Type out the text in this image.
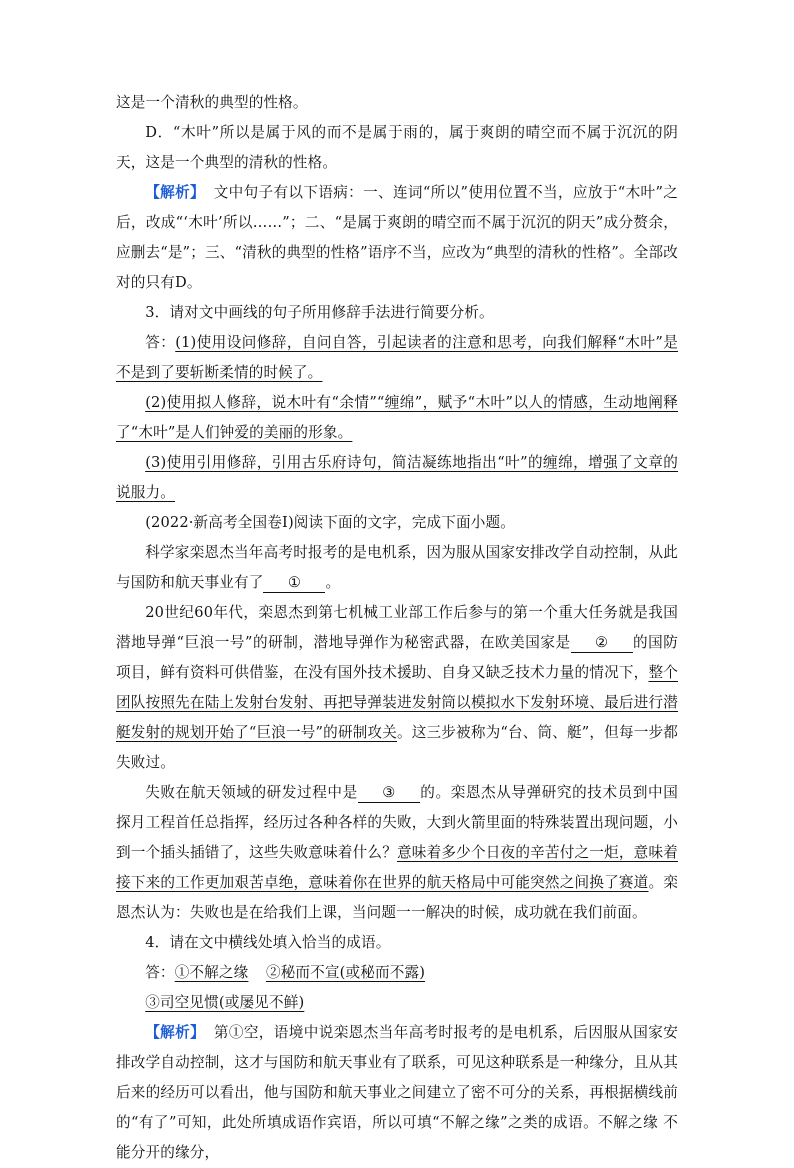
这是一个清秋的典型的性格。

D．“木叶”所以是属于风的而不是属于雨的，属于爽朗的晴空而不属于沉沉的阴天，这是一个典型的清秋的性格。

【解析】 文中句子有以下语病：一、连词“所以”使用位置不当，应放于“木叶”之后，改成“‘木叶’所以……”；二、“是属于爽朗的晴空而不属于沉沉的阴天”成分赘余，应删去“是”；三、“清秋的典型的性格”语序不当，应改为“典型的清秋的性格”。全部改对的只有D。

3．请对文中画线的句子所用修辞手法进行简要分析。

答：(1)使用设问修辞，自问自答，引起读者的注意和思考，向我们解释“木叶”是不是到了要斩断柔情的时候了。

(2)使用拟人修辞，说木叶有“余情”“缠绵”，赋予“木叶”以人的情感，生动地阐释了“木叶”是人们钟爱的美丽的形象。

(3)使用引用修辞，引用古乐府诗句，简洁凝练地指出“叶”的缠绵，增强了文章的说服力。

(2022·新高考全国卷Ⅰ)阅读下面的文字，完成下面小题。

科学家栾恩杰当年高考时报考的是电机系，因为服从国家安排改学自动控制，从此与国防和航天事业有了 ① 。

20世纪60年代，栾恩杰到第七机械工业部工作后参与的第一个重大任务就是我国潜地导弹“巨浪一号”的研制，潜地导弹作为秘密武器，在欧美国家是 ② 的国防项目，鲜有资料可供借鉴，在没有国外技术援助、自身又缺乏技术力量的情况下，整个团队按照先在陆上发射台发射、再把导弹装进发射筒以模拟水下发射环境、最后进行潜艇发射的规划开始了“巨浪一号”的研制攻关。这三步被称为“台、筒、艇”，但每一步都失败过。

失败在航天领域的研发过程中是 ③ 的。栾恩杰从导弹研究的技术员到中国探月工程首任总指挥，经历过各种各样的失败，大到火箭里面的特殊装置出现问题，小到一个插头插错了，这些失败意味着什么？意味着多少个日夜的辛苦付之一炬，意味着接下来的工作更加艰苦卓绝，意味着你在世界的航天格局中可能突然之间换了赛道。栾恩杰认为：失败也是在给我们上课，当问题一一解决的时候，成功就在我们前面。

4．请在文中横线处填入恰当的成语。

答：①不解之缘 ②秘而不宣(或秘而不露)

③司空见惯(或屡见不鲜)

【解析】 第①空，语境中说栾恩杰当年高考时报考的是电机系，后因服从国家安排改学自动控制，这才与国防和航天事业有了联系，可见这种联系是一种缘分，且从其后来的经历可以看出，他与国防和航天事业之间建立了密不可分的关系，再根据横线前的“有了”可知，此处所填成语作宾语，所以可填“不解之缘”之类的成语。不解之缘 不能分开的缘分，
